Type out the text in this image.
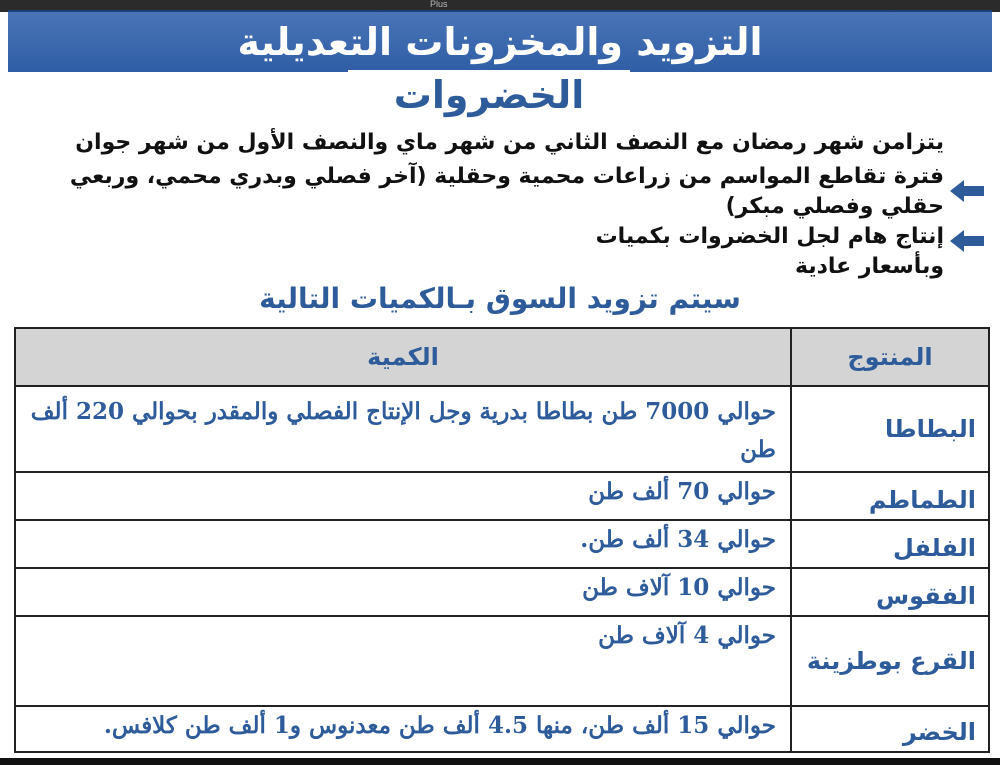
Plus
التزويد والمخزونات التعديلية
الخضروات
يتزامن شهر رمضان مع النصف الثاني من شهر ماي والنصف الأول من شهر جوان
فترة تقاطع المواسم من زراعات محمية وحقلية (آخر فصلي وبدري محمي، وربعي حقلي وفصلي مبكر)
إنتاج هام لجل الخضروات بكميات وبأسعار عادية
سيتم تزويد السوق بـالكميات التالية
المنتوج	الكمية
البطاطا	حوالي 7000 طن بطاطا بدرية وجل الإنتاج الفصلي والمقدر بحوالي 220 ألف طن
الطماطم	حوالي 70 ألف طن
الفلفل	حوالي 34 ألف طن.
الفقوس	حوالي 10 آلاف طن
القرع بوطزينة	حوالي 4 آلاف طن
الخضر	حوالي 15 ألف طن، منها 4.5 ألف طن معدنوس و1 ألف طن كلافس.
